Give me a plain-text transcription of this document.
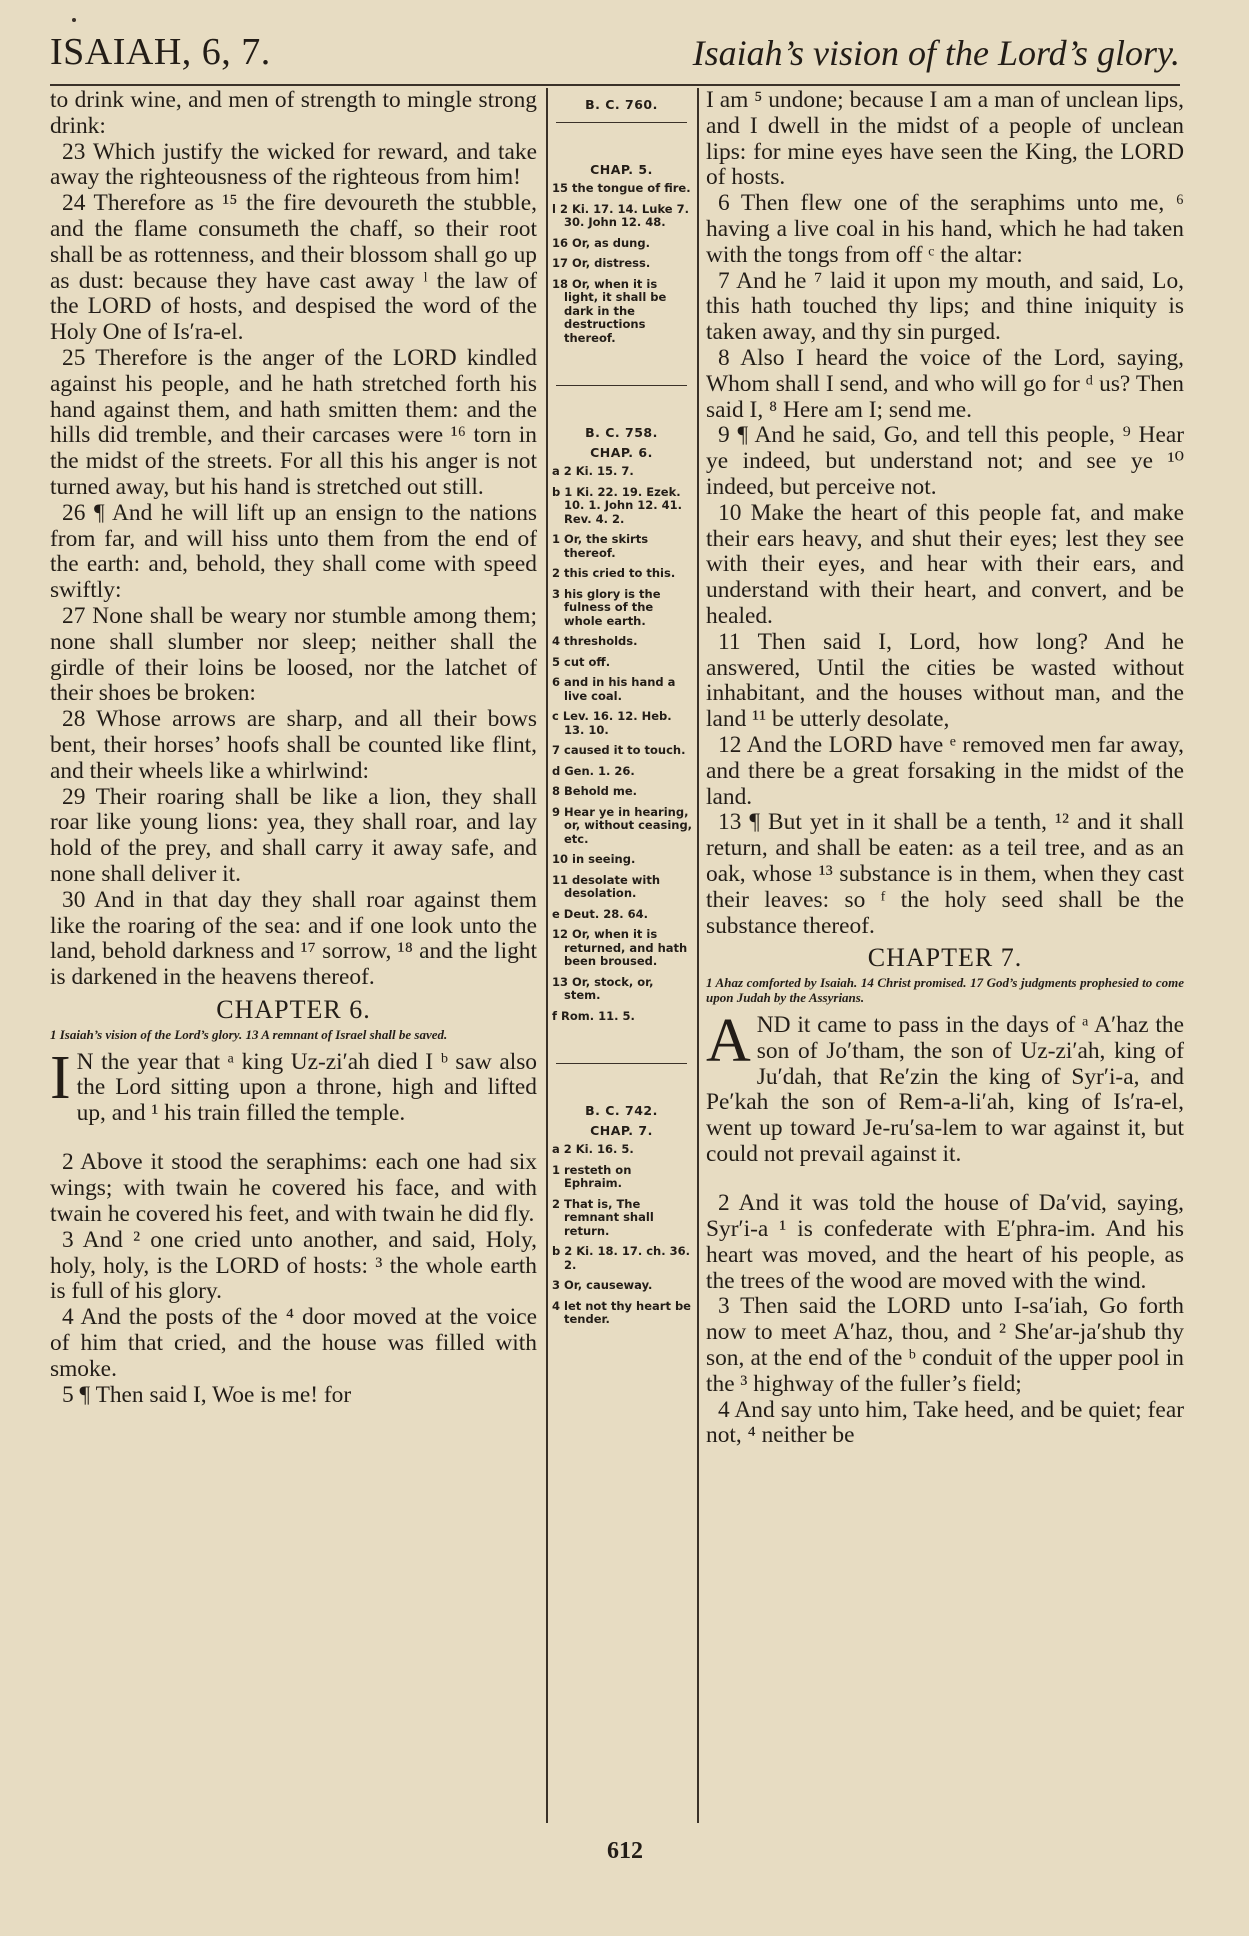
ISAIAH, 6, 7.	Isaiah’s vision of the Lord’s glory.

to drink wine, and men of strength to mingle strong drink:

23 Which justify the wicked for reward, and take away the righteousness of the righteous from him!

24 Therefore as ¹⁵ the fire devoureth the stubble, and the flame consumeth the chaff, so their root shall be as rottenness, and their blossom shall go up as dust: because they have cast away ˡ the law of the LORD of hosts, and despised the word of the Holy One of Is′ra-el.

25 Therefore is the anger of the LORD kindled against his people, and he hath stretched forth his hand against them, and hath smitten them: and the hills did tremble, and their carcases were ¹⁶ torn in the midst of the streets. For all this his anger is not turned away, but his hand is stretched out still.

26 ¶ And he will lift up an ensign to the nations from far, and will hiss unto them from the end of the earth: and, behold, they shall come with speed swiftly:

27 None shall be weary nor stumble among them; none shall slumber nor sleep; neither shall the girdle of their loins be loosed, nor the latchet of their shoes be broken:

28 Whose arrows are sharp, and all their bows bent, their horses’ hoofs shall be counted like flint, and their wheels like a whirlwind:

29 Their roaring shall be like a lion, they shall roar like young lions: yea, they shall roar, and lay hold of the prey, and shall carry it away safe, and none shall deliver it.

30 And in that day they shall roar against them like the roaring of the sea: and if one look unto the land, behold darkness and ¹⁷ sorrow, ¹⁸ and the light is darkened in the heavens thereof.

CHAPTER 6.

1 Isaiah’s vision of the Lord’s glory. 13 A remnant of Israel shall be saved.

I N the year that ᵃ king Uz-zi′ah died I ᵇ saw also the Lord sitting upon a throne, high and lifted up, and ¹ his train filled the temple.

2 Above it stood the seraphims: each one had six wings; with twain he covered his face, and with twain he covered his feet, and with twain he did fly.

3 And ² one cried unto another, and said, Holy, holy, holy, is the LORD of hosts: ³ the whole earth is full of his glory.

4 And the posts of the ⁴ door moved at the voice of him that cried, and the house was filled with smoke.

5 ¶ Then said I, Woe is me! for

B. C. 760.
CHAP. 5.
15 the tongue of fire.
l 2 Ki. 17. 14. Luke 7. 30. John 12. 48.
16 Or, as dung.
17 Or, distress.
18 Or, when it is light, it shall be dark in the destructions thereof.
B. C. 758.
CHAP. 6.
a 2 Ki. 15. 7.
b 1 Ki. 22. 19. Ezek. 10. 1. John 12. 41. Rev. 4. 2.
1 Or, the skirts thereof.
2 this cried to this.
3 his glory is the fulness of the whole earth.
4 thresholds.
5 cut off.
6 and in his hand a live coal.
c Lev. 16. 12. Heb. 13. 10.
7 caused it to touch.
d Gen. 1. 26.
8 Behold me.
9 Hear ye in hearing, or, without ceasing, etc.
10 in seeing.
11 desolate with desolation.
e Deut. 28. 64.
12 Or, when it is returned, and hath been broused.
13 Or, stock, or, stem.
f Rom. 11. 5.
B. C. 742.
CHAP. 7.
a 2 Ki. 16. 5.
1 resteth on Ephraim.
2 That is, The remnant shall return.
b 2 Ki. 18. 17. ch. 36. 2.
3 Or, causeway.
4 let not thy heart be tender.

I am ⁵ undone; because I am a man of unclean lips, and I dwell in the midst of a people of unclean lips: for mine eyes have seen the King, the LORD of hosts.

6 Then flew one of the seraphims unto me, ⁶ having a live coal in his hand, which he had taken with the tongs from off ᶜ the altar:

7 And he ⁷ laid it upon my mouth, and said, Lo, this hath touched thy lips; and thine iniquity is taken away, and thy sin purged.

8 Also I heard the voice of the Lord, saying, Whom shall I send, and who will go for ᵈ us? Then said I, ⁸ Here am I; send me.

9 ¶ And he said, Go, and tell this people, ⁹ Hear ye indeed, but understand not; and see ye ¹⁰ indeed, but perceive not.

10 Make the heart of this people fat, and make their ears heavy, and shut their eyes; lest they see with their eyes, and hear with their ears, and understand with their heart, and convert, and be healed.

11 Then said I, Lord, how long? And he answered, Until the cities be wasted without inhabitant, and the houses without man, and the land ¹¹ be utterly desolate,

12 And the LORD have ᵉ removed men far away, and there be a great forsaking in the midst of the land.

13 ¶ But yet in it shall be a tenth, ¹² and it shall return, and shall be eaten: as a teil tree, and as an oak, whose ¹³ substance is in them, when they cast their leaves: so ᶠ the holy seed shall be the substance thereof.

CHAPTER 7.

1 Ahaz comforted by Isaiah. 14 Christ promised. 17 God’s judgments prophesied to come upon Judah by the Assyrians.

AND it came to pass in the days of ᵃ A′haz the son of Jo′tham, the son of Uz-zi′ah, king of Ju′dah, that Re′zin the king of Syr′i-a, and Pe′kah the son of Rem-a-li′ah, king of Is′ra-el, went up toward Je-ru′sa-lem to war against it, but could not prevail against it.

2 And it was told the house of Da′vid, saying, Syr′i-a ¹ is confederate with E′phra-im. And his heart was moved, and the heart of his people, as the trees of the wood are moved with the wind.

3 Then said the LORD unto I-sa′iah, Go forth now to meet A′haz, thou, and ² She′ar-ja′shub thy son, at the end of the ᵇ conduit of the upper pool in the ³ highway of the fuller’s field;

4 And say unto him, Take heed, and be quiet; fear not, ⁴ neither be

612
